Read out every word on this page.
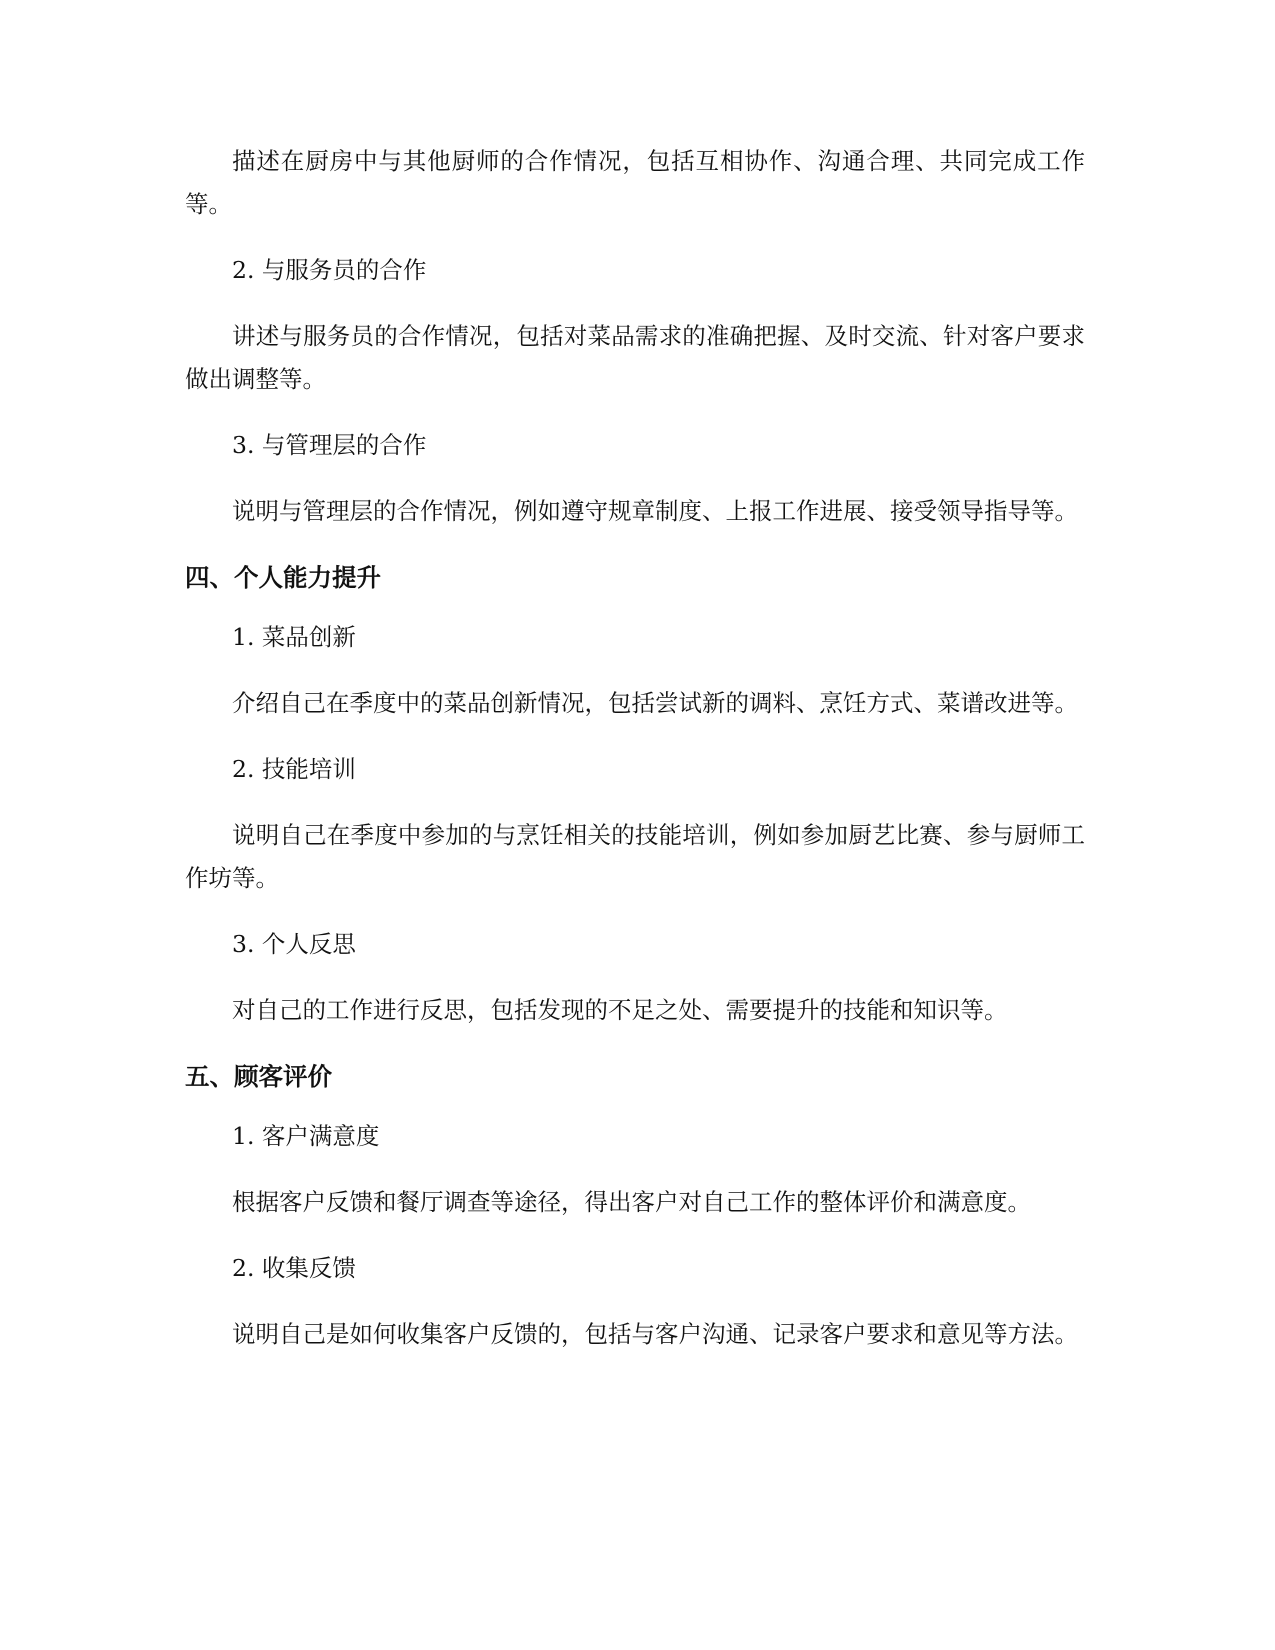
描述在厨房中与其他厨师的合作情况，包括互相协作、沟通合理、共同完成工作等。

2. 与服务员的合作

讲述与服务员的合作情况，包括对菜品需求的准确把握、及时交流、针对客户要求做出调整等。

3. 与管理层的合作

说明与管理层的合作情况，例如遵守规章制度、上报工作进展、接受领导指导等。

四、个人能力提升

1. 菜品创新

介绍自己在季度中的菜品创新情况，包括尝试新的调料、烹饪方式、菜谱改进等。

2. 技能培训

说明自己在季度中参加的与烹饪相关的技能培训，例如参加厨艺比赛、参与厨师工作坊等。

3. 个人反思

对自己的工作进行反思，包括发现的不足之处、需要提升的技能和知识等。

五、顾客评价

1. 客户满意度

根据客户反馈和餐厅调查等途径，得出客户对自己工作的整体评价和满意度。

2. 收集反馈

说明自己是如何收集客户反馈的，包括与客户沟通、记录客户要求和意见等方法。
